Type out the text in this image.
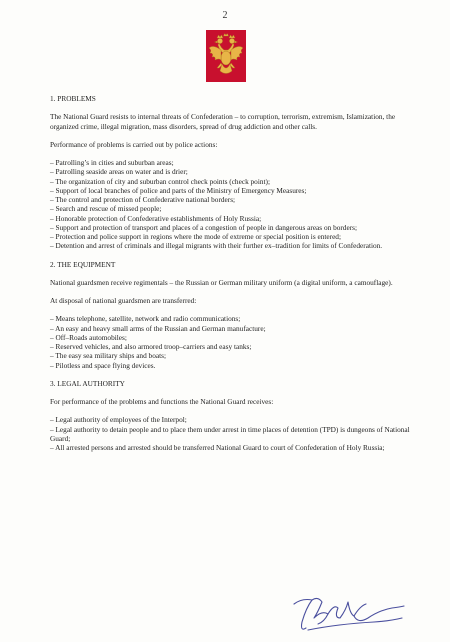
2

1. PROBLEMS

The National Guard resists to internal threats of Confederation – to corruption, terrorism, extremism, Islamization, the organized crime, illegal migration, mass disorders, spread of drug addiction and other calls.

Performance of problems is carried out by police actions:

– Patrolling’s in cities and suburban areas;
– Patrolling seaside areas on water and is drier;
– The organization of city and suburban control check points (check point);
– Support of local branches of police and parts of the Ministry of Emergency Measures;
– The control and protection of Confederative national borders;
– Search and rescue of missed people;
– Honorable protection of Confederative establishments of Holy Russia;
– Support and protection of transport and places of a congestion of people in dangerous areas on borders;
– Protection and police support in regions where the mode of extreme or special position is entered;
– Detention and arrest of criminals and illegal migrants with their further ex–tradition for limits of Confederation.

2. THE EQUIPMENT

National guardsmen receive regimentals – the Russian or German military uniform (a digital uniform, a camouflage).

At disposal of national guardsmen are transferred:

– Means telephone, satellite, network and radio communications;
– An easy and heavy small arms of the Russian and German manufacture;
– Off–Roads automobiles;
– Reserved vehicles, and also armored troop–carriers and easy tanks;
– The easy sea military ships and boats;
– Pilotless and space flying devices.

3. LEGAL AUTHORITY

For performance of the problems and functions the National Guard receives:

– Legal authority of employees of the Interpol;
– Legal authority to detain people and to place them under arrest in time places of detention (TPD) is dungeons of National Guard;
– All arrested persons and arrested should be transferred National Guard to court of Confederation of Holy Russia;
